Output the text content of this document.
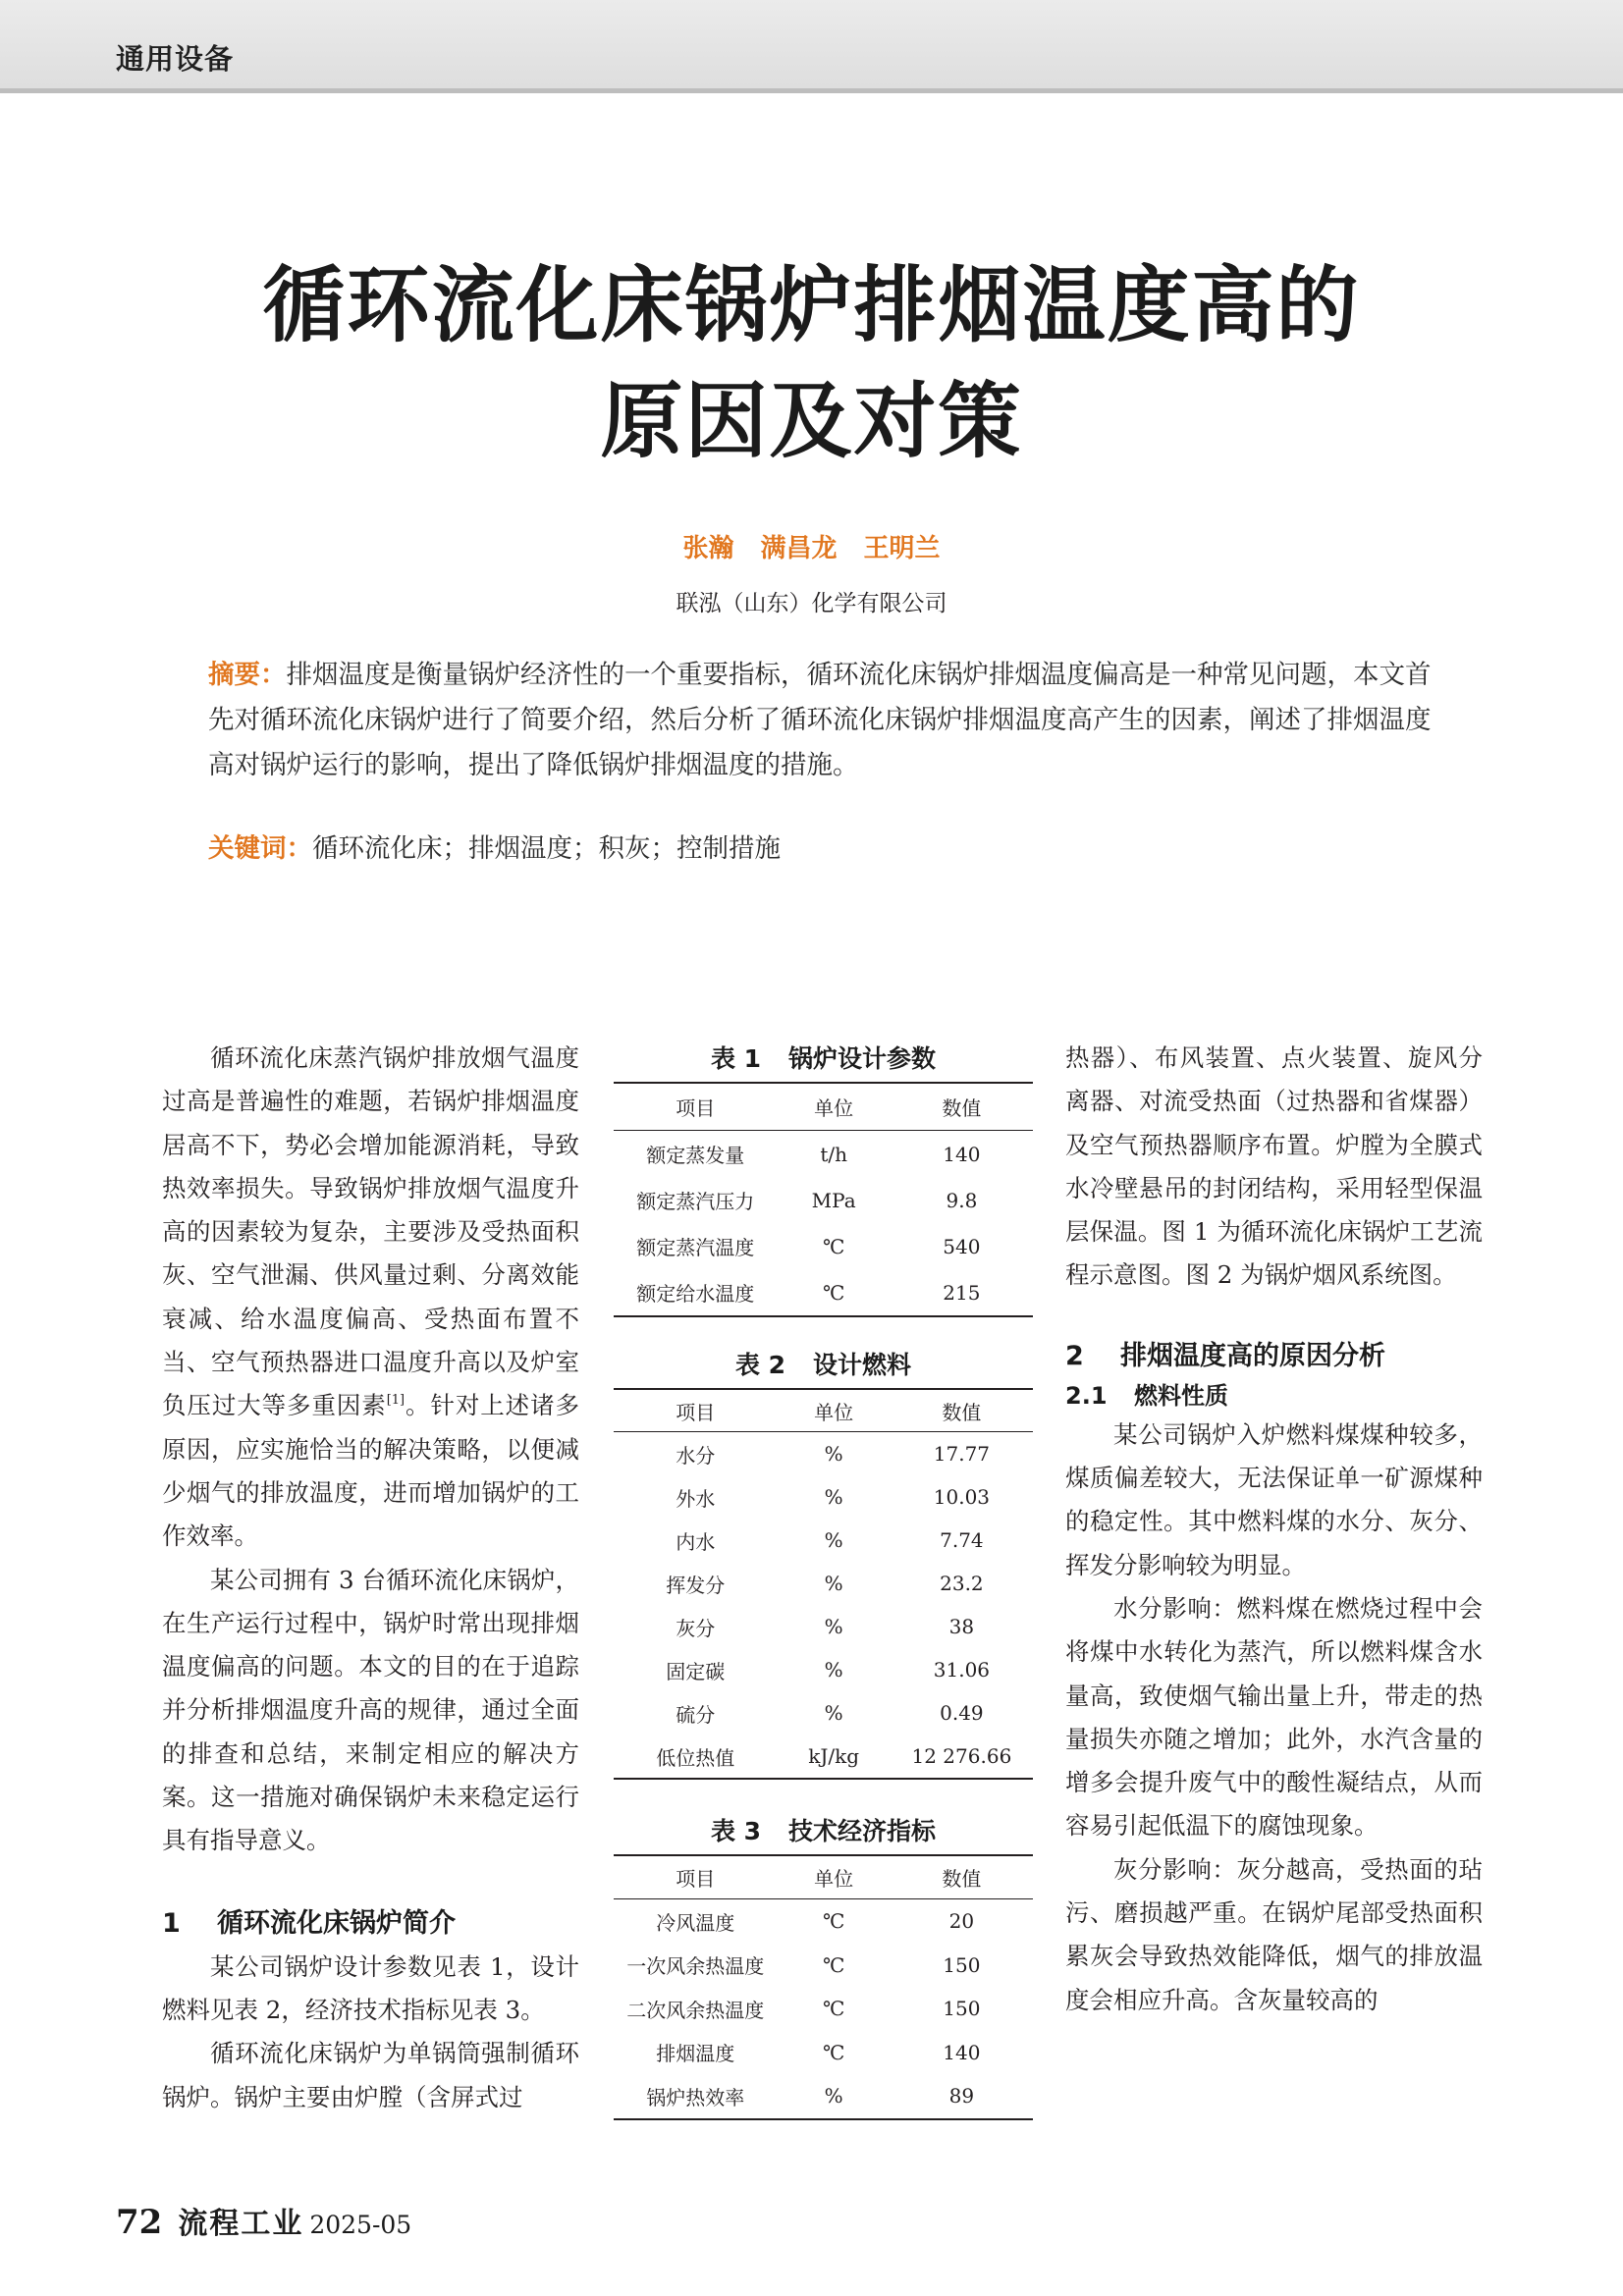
通用设备
循环流化床锅炉排烟温度高的
原因及对策
张瀚 满昌龙 王明兰
联泓（山东）化学有限公司
摘要：排烟温度是衡量锅炉经济性的一个重要指标，循环流化床锅炉排烟温度偏高是一种常见问题，本文首先对循环流化床锅炉进行了简要介绍，然后分析了循环流化床锅炉排烟温度高产生的因素，阐述了排烟温度高对锅炉运行的影响，提出了降低锅炉排烟温度的措施。
关键词：循环流化床；排烟温度；积灰；控制措施

循环流化床蒸汽锅炉排放烟气温度过高是普遍性的难题，若锅炉排烟温度居高不下，势必会增加能源消耗，导致热效率损失。导致锅炉排放烟气温度升高的因素较为复杂，主要涉及受热面积灰、空气泄漏、供风量过剩、分离效能衰减、给水温度偏高、受热面布置不当、空气预热器进口温度升高以及炉室负压过大等多重因素[1]。针对上述诸多原因，应实施恰当的解决策略，以便减少烟气的排放温度，进而增加锅炉的工作效率。

某公司拥有 3 台循环流化床锅炉，在生产运行过程中，锅炉时常出现排烟温度偏高的问题。本文的目的在于追踪并分析排烟温度升高的规律，通过全面的排查和总结，来制定相应的解决方案。这一措施对确保锅炉未来稳定运行具有指导意义。

1 循环流化床锅炉简介

某公司锅炉设计参数见表 1，设计燃料见表 2，经济技术指标见表 3。

循环流化床锅炉为单锅筒强制循环锅炉。锅炉主要由炉膛（含屏式过

表 1 锅炉设计参数
项目	单位	数值
额定蒸发量	t/h	140
额定蒸汽压力	MPa	9.8
额定蒸汽温度	℃	540
额定给水温度	℃	215
表 2 设计燃料
项目	单位	数值
水分	%	17.77
外水	%	10.03
内水	%	7.74
挥发分	%	23.2
灰分	%	38
固定碳	%	31.06
硫分	%	0.49
低位热值	kJ/kg	12 276.66
表 3 技术经济指标
项目	单位	数值
冷风温度	℃	20
一次风余热温度	℃	150
二次风余热温度	℃	150
排烟温度	℃	140
锅炉热效率	%	89

热器）、布风装置、点火装置、旋风分离器、对流受热面（过热器和省煤器）及空气预热器顺序布置。炉膛为全膜式水冷壁悬吊的封闭结构，采用轻型保温层保温。图 1 为循环流化床锅炉工艺流程示意图。图 2 为锅炉烟风系统图。

2 排烟温度高的原因分析
2.1 燃料性质

某公司锅炉入炉燃料煤煤种较多，煤质偏差较大，无法保证单一矿源煤种的稳定性。其中燃料煤的水分、灰分、挥发分影响较为明显。

水分影响：燃料煤在燃烧过程中会将煤中水转化为蒸汽，所以燃料煤含水量高，致使烟气输出量上升，带走的热量损失亦随之增加；此外，水汽含量的增多会提升废气中的酸性凝结点，从而容易引起低温下的腐蚀现象。

灰分影响：灰分越高，受热面的玷污、磨损越严重。在锅炉尾部受热面积累灰会导致热效能降低，烟气的排放温度会相应升高。含灰量较高的

72 流程工业 2025-05
